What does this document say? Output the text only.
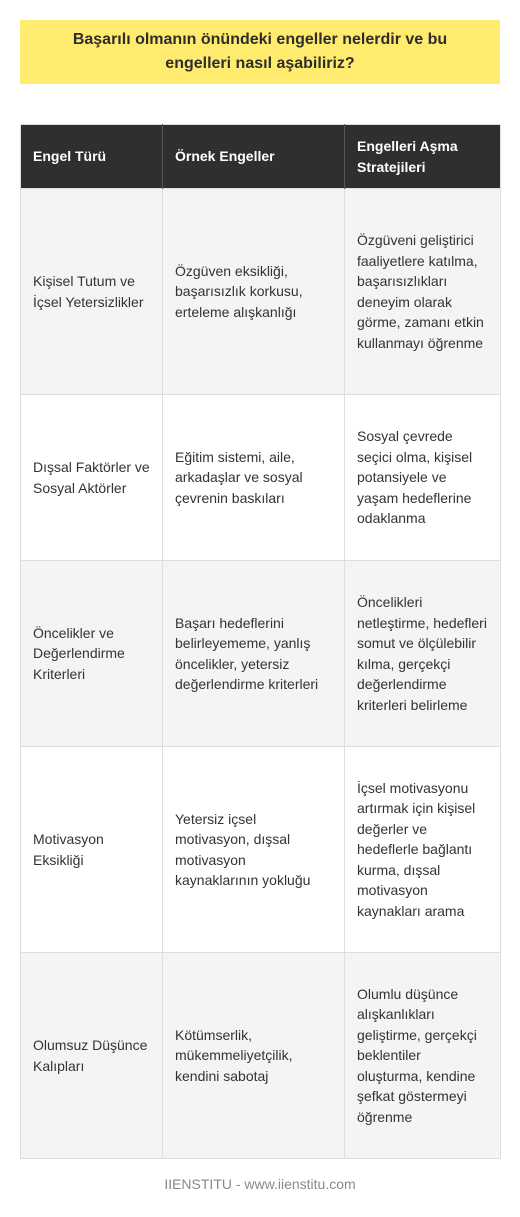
Başarılı olmanın önündeki engeller nelerdir ve bu engelleri nasıl aşabiliriz?
Engel Türü	Örnek Engeller	Engelleri Aşma Stratejileri
Kişisel Tutum ve İçsel Yetersizlikler	Özgüven eksikliği, başarısızlık korkusu, erteleme alışkanlığı	Özgüveni geliştirici faaliyetlere katılma, başarısızlıkları deneyim olarak görme, zamanı etkin kullanmayı öğrenme
Dışsal Faktörler ve Sosyal Aktörler	Eğitim sistemi, aile, arkadaşlar ve sosyal çevrenin baskıları	Sosyal çevrede seçici olma, kişisel potansiyele ve yaşam hedeflerine odaklanma
Öncelikler ve Değerlendirme Kriterleri	Başarı hedeflerini belirleyememe, yanlış öncelikler, yetersiz değerlendirme kriterleri	Öncelikleri netleştirme, hedefleri somut ve ölçülebilir kılma, gerçekçi değerlendirme kriterleri belirleme
Motivasyon Eksikliği	Yetersiz içsel motivasyon, dışsal motivasyon kaynaklarının yokluğu	İçsel motivasyonu artırmak için kişisel değerler ve hedeflerle bağlantı kurma, dışsal motivasyon kaynakları arama
Olumsuz Düşünce Kalıpları	Kötümserlik, mükemmeliyetçilik, kendini sabotaj	Olumlu düşünce alışkanlıkları geliştirme, gerçekçi beklentiler oluşturma, kendine şefkat göstermeyi öğrenme
IIENSTITU - www.iienstitu.com
